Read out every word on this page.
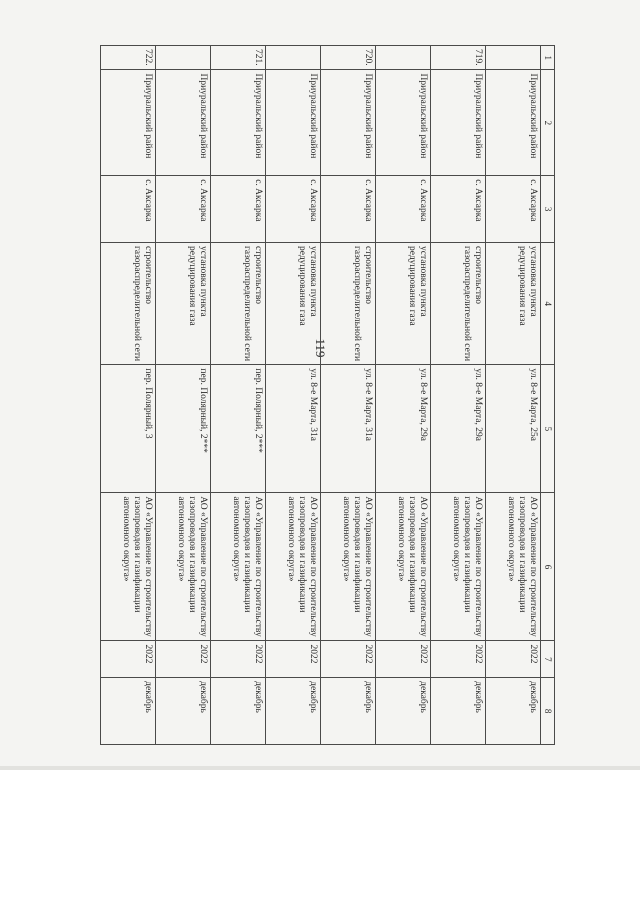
119
1	2	3	4	5	6	7	8
	Приуральский район	с. Аксарка	установка пункта редуцирования газа	ул. 8-е Марта, 25а	АО «Управление по строительству газопроводов и газификации автономного округа»	2022	декабрь
719.	Приуральский район	с. Аксарка	строительство газораспределительной сети	ул. 8-е Марта, 29а	АО «Управление по строительству газопроводов и газификации автономного округа»	2022	декабрь
	Приуральский район	с. Аксарка	установка пункта редуцирования газа	ул. 8-е Марта, 29а	АО «Управление по строительству газопроводов и газификации автономного округа»	2022	декабрь
720.	Приуральский район	с. Аксарка	строительство газораспределительной сети	ул. 8-е Марта, 31а	АО «Управление по строительству газопроводов и газификации автономного округа»	2022	декабрь
	Приуральский район	с. Аксарка	установка пункта редуцирования газа	ул. 8-е Марта, 31а	АО «Управление по строительству газопроводов и газификации автономного округа»	2022	декабрь
721.	Приуральский район	с. Аксарка	строительство газораспределительной сети	пер. Полярный, 2***	АО «Управление по строительству газопроводов и газификации автономного округа»	2022	декабрь
	Приуральский район	с. Аксарка	установка пункта редуцирования газа	пер. Полярный, 2***	АО «Управление по строительству газопроводов и газификации автономного округа»	2022	декабрь
722.	Приуральский район	с. Аксарка	строительство газораспределительной сети	пер. Полярный, 3	АО «Управление по строительству газопроводов и газификации автономного округа»	2022	декабрь
